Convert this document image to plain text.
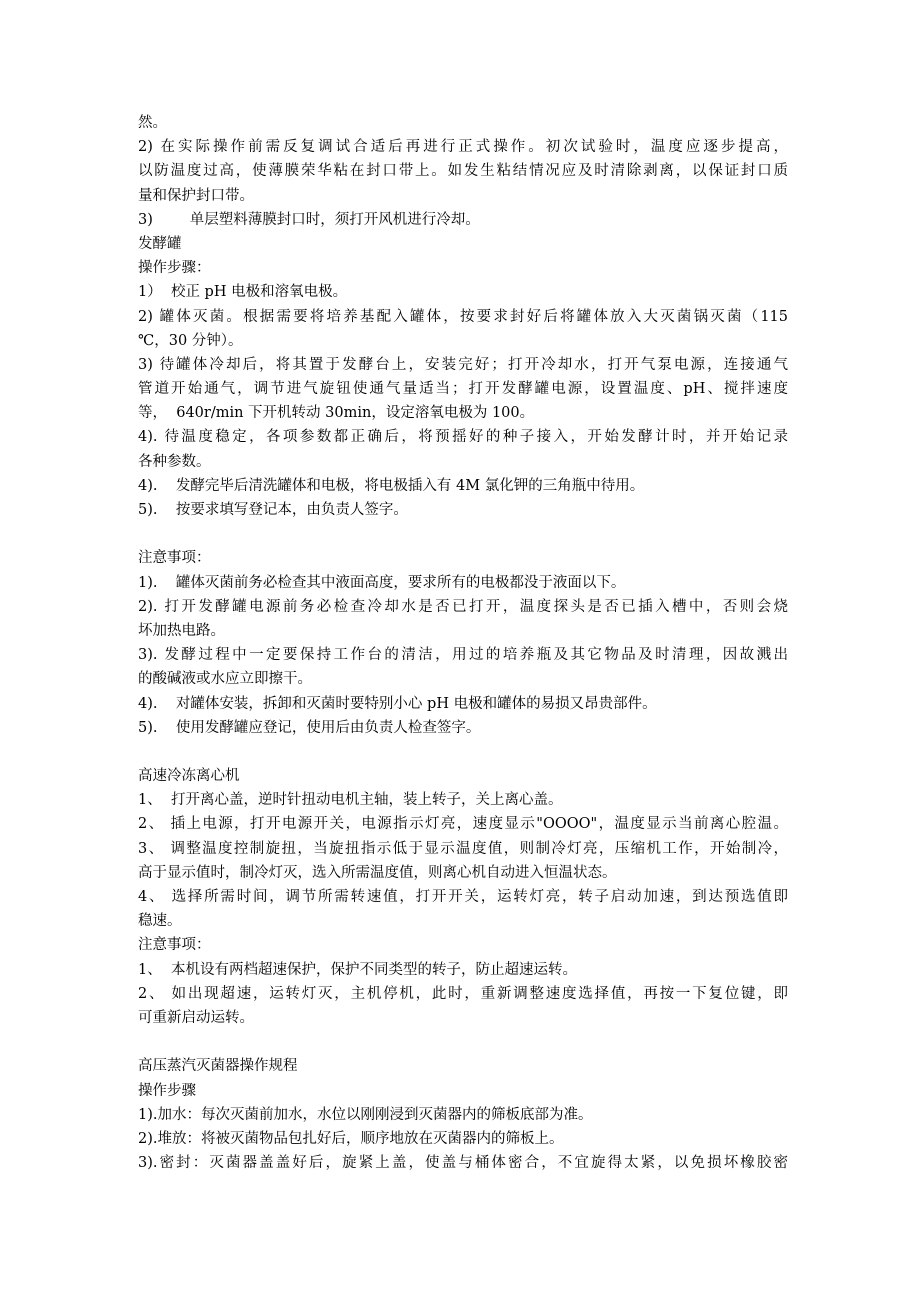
然。
2) 在实际操作前需反复调试合适后再进行正式操作。初次试验时，温度应逐步提高，
以防温度过高，使薄膜荣华粘在封口带上。如发生粘结情况应及时清除剥离，以保证封口质
量和保护封口带。
3)        单层塑料薄膜封口时，须打开风机进行冷却。
发酵罐
操作步骤：
1）  校正 pH 电极和溶氧电极。
2) 罐体灭菌。根据需要将培养基配入罐体，按要求封好后将罐体放入大灭菌锅灭菌（115
℃，30 分钟）。
3) 待罐体冷却后，将其置于发酵台上，安装完好；打开冷却水，打开气泵电源，连接通气
管道开始通气，调节进气旋钮使通气量适当；打开发酵罐电源，设置温度、pH、搅拌速度
等，  640r/min 下开机转动 30min，设定溶氧电极为 100。
4). 待温度稳定，各项参数都正确后，将预摇好的种子接入，开始发酵计时，并开始记录
各种参数。
4).    发酵完毕后清洗罐体和电极，将电极插入有 4M 氯化钾的三角瓶中待用。
5).    按要求填写登记本，由负责人签字。
注意事项：
1).    罐体灭菌前务必检查其中液面高度，要求所有的电极都没于液面以下。
2). 打开发酵罐电源前务必检查冷却水是否已打开，温度探头是否已插入槽中，否则会烧
坏加热电路。
3). 发酵过程中一定要保持工作台的清洁，用过的培养瓶及其它物品及时清理，因故溅出
的酸碱液或水应立即擦干。
4).    对罐体安装，拆卸和灭菌时要特别小心 pH 电极和罐体的易损又昂贵部件。
5).    使用发酵罐应登记，使用后由负责人检查签字。
高速冷冻离心机
1、  打开离心盖，逆时针扭动电机主轴，装上转子，关上离心盖。
2、 插上电源，打开电源开关，电源指示灯亮，速度显示"OOOO"，温度显示当前离心腔温。
3、 调整温度控制旋扭，当旋扭指示低于显示温度值，则制冷灯亮，压缩机工作，开始制冷，
高于显示值时，制冷灯灭，选入所需温度值，则离心机自动进入恒温状态。
4、 选择所需时间，调节所需转速值，打开开关，运转灯亮，转子启动加速，到达预选值即
稳速。
注意事项：
1、  本机设有两档超速保护，保护不同类型的转子，防止超速运转。
2、 如出现超速，运转灯灭，主机停机，此时，重新调整速度选择值，再按一下复位键，即
可重新启动运转。
高压蒸汽灭菌器操作规程
操作步骤
1).加水：每次灭菌前加水，水位以刚刚浸到灭菌器内的筛板底部为准。
2).堆放：将被灭菌物品包扎好后，顺序地放在灭菌器内的筛板上。
3).密封：灭菌器盖盖好后，旋紧上盖，使盖与桶体密合，不宜旋得太紧，以免损坏橡胶密
